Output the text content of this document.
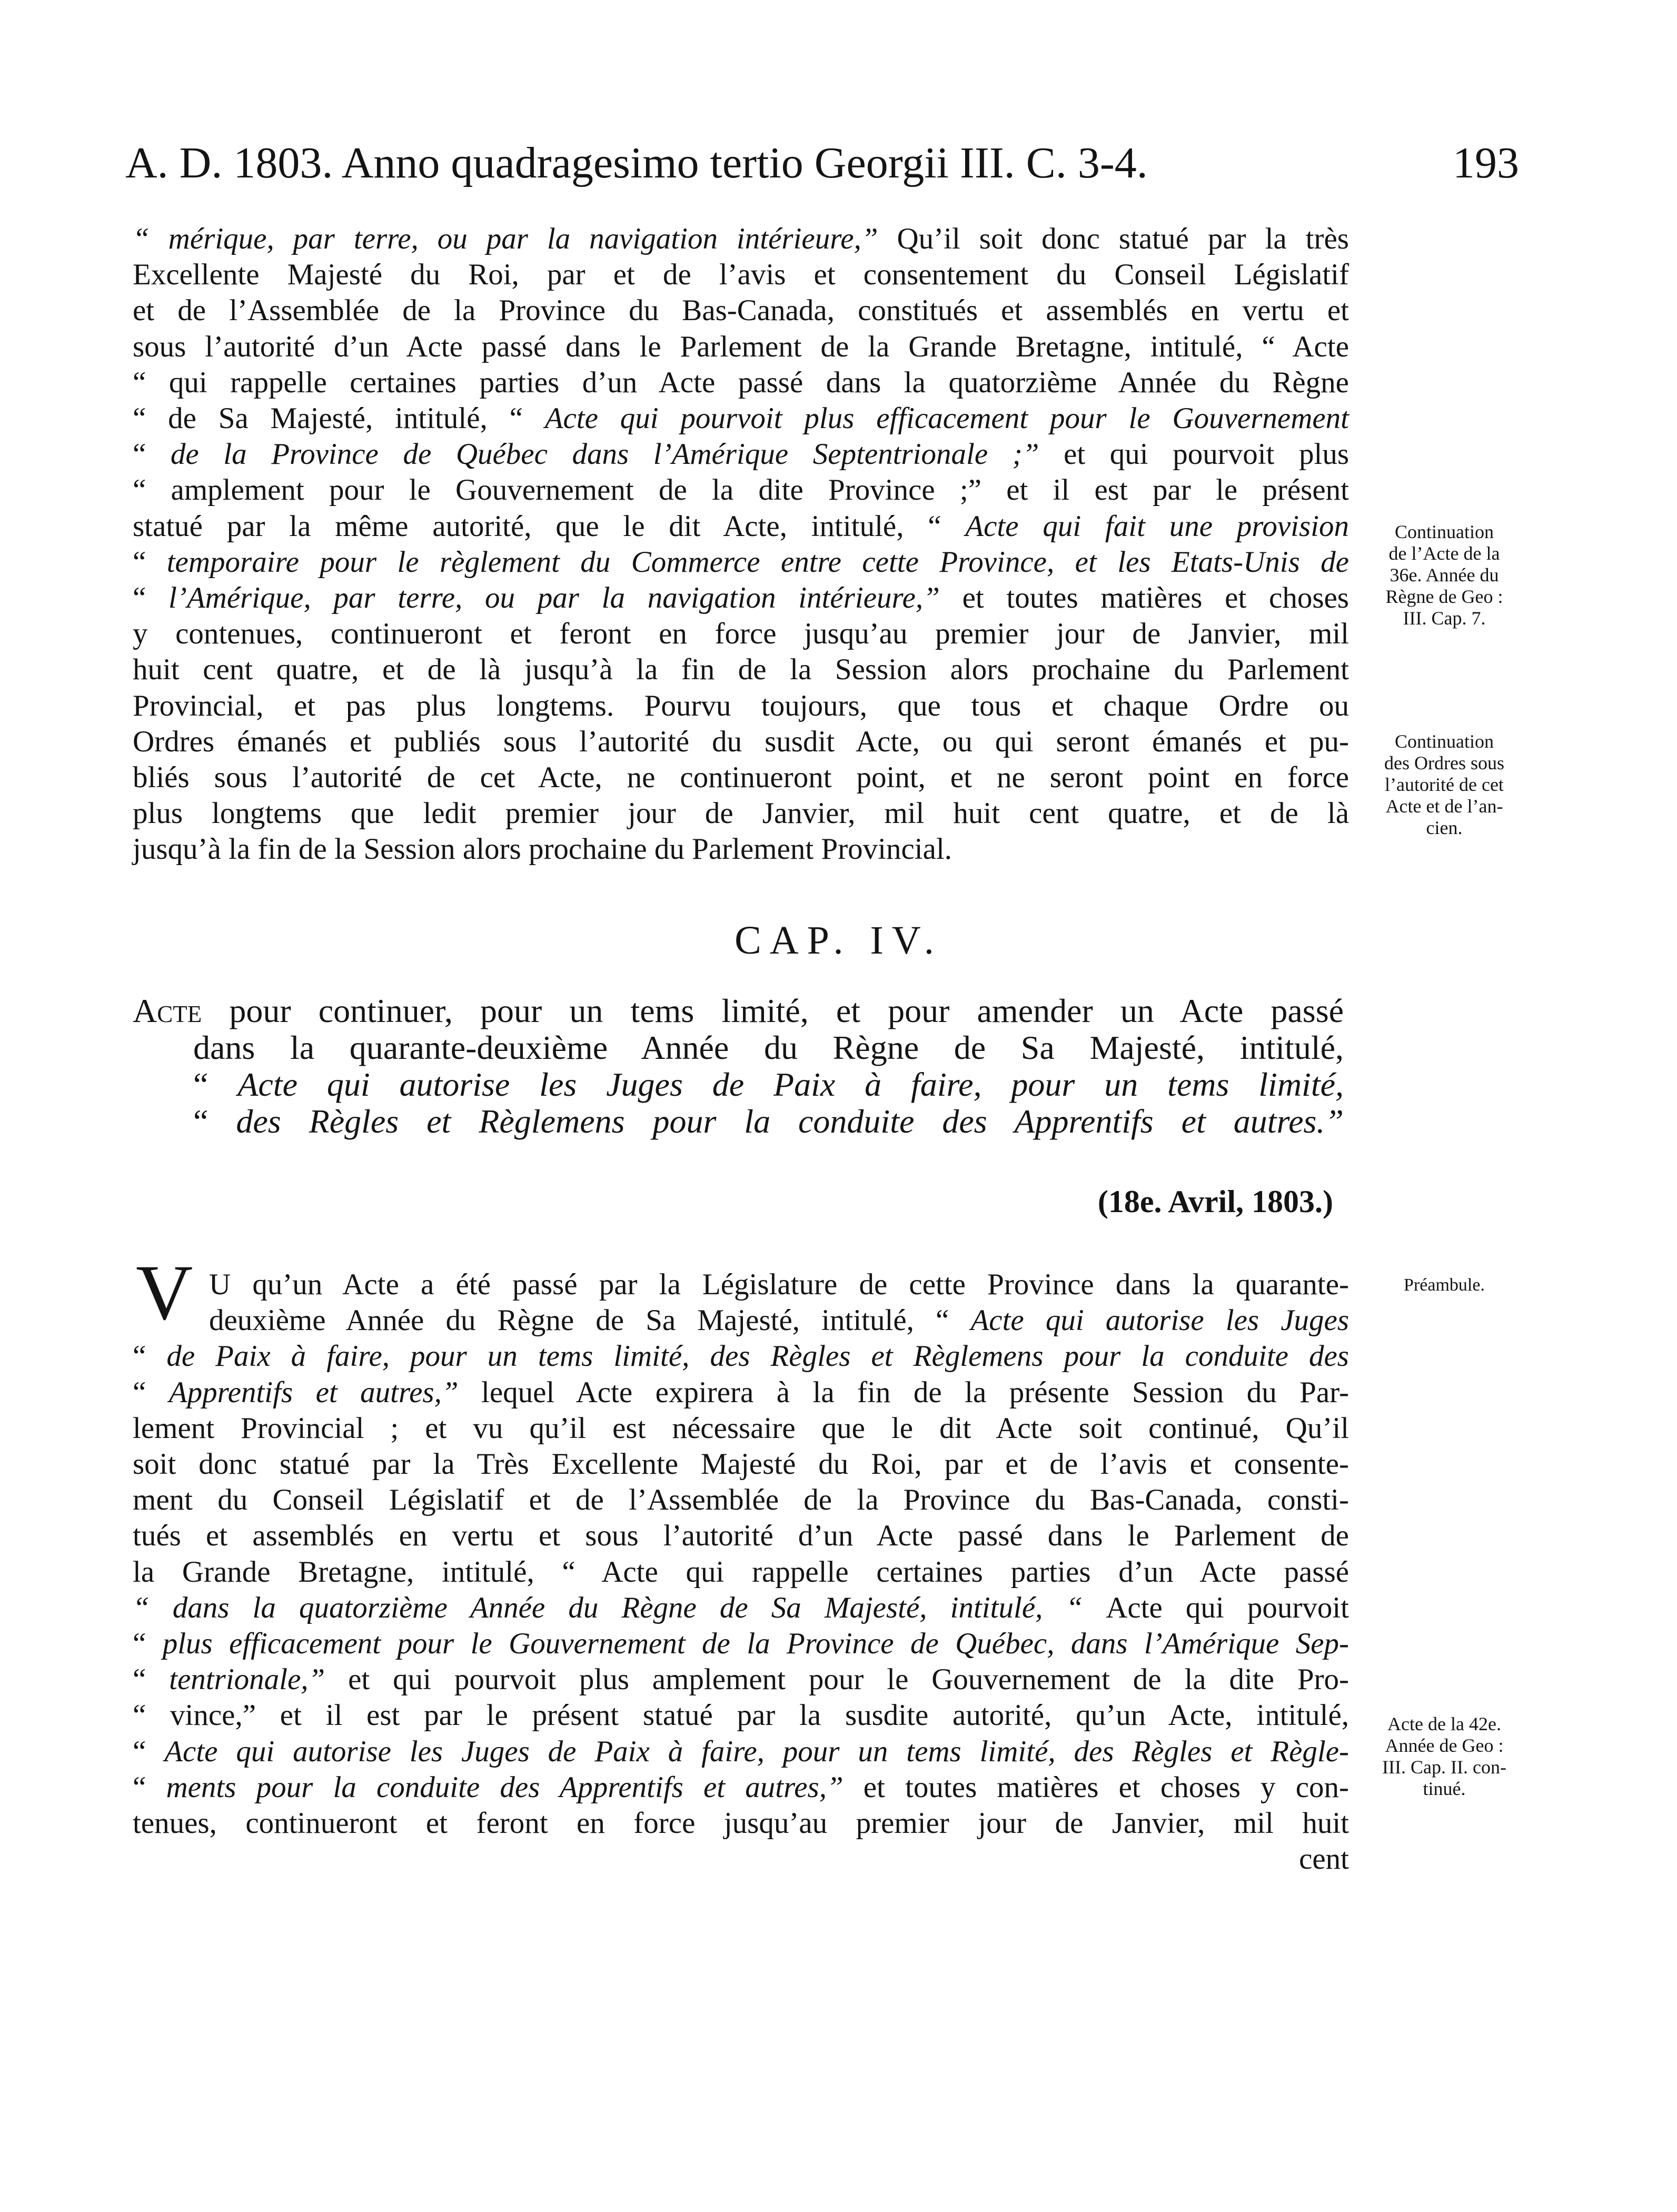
A. D. 1803. Anno quadragesimo tertio Georgii III. C. 3-4.	193
“ mérique, par terre, ou par la navigation intérieure,” Qu’il soit donc statué par la très
Excellente Majesté du Roi, par et de l’avis et consentement du Conseil Législatif
et de l’Assemblée de la Province du Bas-Canada, constitués et assemblés en vertu et
sous l’autorité d’un Acte passé dans le Parlement de la Grande Bretagne, intitulé, “ Acte
“ qui rappelle certaines parties d’un Acte passé dans la quatorzième Année du Règne
“ de Sa Majesté, intitulé, “ Acte qui pourvoit plus efficacement pour le Gouvernement
“ de la Province de Québec dans l’Amérique Septentrionale ;” et qui pourvoit plus
“ amplement pour le Gouvernement de la dite Province ;” et il est par le présent
statué par la même autorité, que le dit Acte, intitulé, “ Acte qui fait une provision
“ temporaire pour le règlement du Commerce entre cette Province, et les Etats-Unis de
“ l’Amérique, par terre, ou par la navigation intérieure,” et toutes matières et choses
y contenues, continueront et feront en force jusqu’au premier jour de Janvier, mil
huit cent quatre, et de là jusqu’à la fin de la Session alors prochaine du Parlement
Provincial, et pas plus longtems. Pourvu toujours, que tous et chaque Ordre ou
Ordres émanés et publiés sous l’autorité du susdit Acte, ou qui seront émanés et pu-
bliés sous l’autorité de cet Acte, ne continueront point, et ne seront point en force
plus longtems que ledit premier jour de Janvier, mil huit cent quatre, et de là
jusqu’à la fin de la Session alors prochaine du Parlement Provincial.
Continuation
de l’Acte de la
36e. Année du
Règne de Geo :
III. Cap. 7.
Continuation
des Ordres sous
l’autorité de cet
Acte et de l’an-
cien.
CAP. IV.
Acte pour continuer, pour un tems limité, et pour amender un Acte passé
dans la quarante-deuxième Année du Règne de Sa Majesté, intitulé,
“ Acte qui autorise les Juges de Paix à faire, pour un tems limité,
“ des Règles et Règlemens pour la conduite des Apprentifs et autres.”
(18e. Avril, 1803.)
V U qu’un Acte a été passé par la Législature de cette Province dans la quarante-
deuxième Année du Règne de Sa Majesté, intitulé, “ Acte qui autorise les Juges
“ de Paix à faire, pour un tems limité, des Règles et Règlemens pour la conduite des
“ Apprentifs et autres,” lequel Acte expirera à la fin de la présente Session du Par-
lement Provincial ; et vu qu’il est nécessaire que le dit Acte soit continué, Qu’il
soit donc statué par la Très Excellente Majesté du Roi, par et de l’avis et consente-
ment du Conseil Législatif et de l’Assemblée de la Province du Bas-Canada, consti-
tués et assemblés en vertu et sous l’autorité d’un Acte passé dans le Parlement de
la Grande Bretagne, intitulé, “ Acte qui rappelle certaines parties d’un Acte passé
“ dans la quatorzième Année du Règne de Sa Majesté, intitulé, “ Acte qui pourvoit
“ plus efficacement pour le Gouvernement de la Province de Québec, dans l’Amérique Sep-
“ tentrionale,” et qui pourvoit plus amplement pour le Gouvernement de la dite Pro-
“ vince,” et il est par le présent statué par la susdite autorité, qu’un Acte, intitulé,
“ Acte qui autorise les Juges de Paix à faire, pour un tems limité, des Règles et Règle-
“ ments pour la conduite des Apprentifs et autres,” et toutes matières et choses y con-
tenues, continueront et feront en force jusqu’au premier jour de Janvier, mil huit
Préambule.
Acte de la 42e.
Année de Geo :
III. Cap. II. con-
tinué.
cent
